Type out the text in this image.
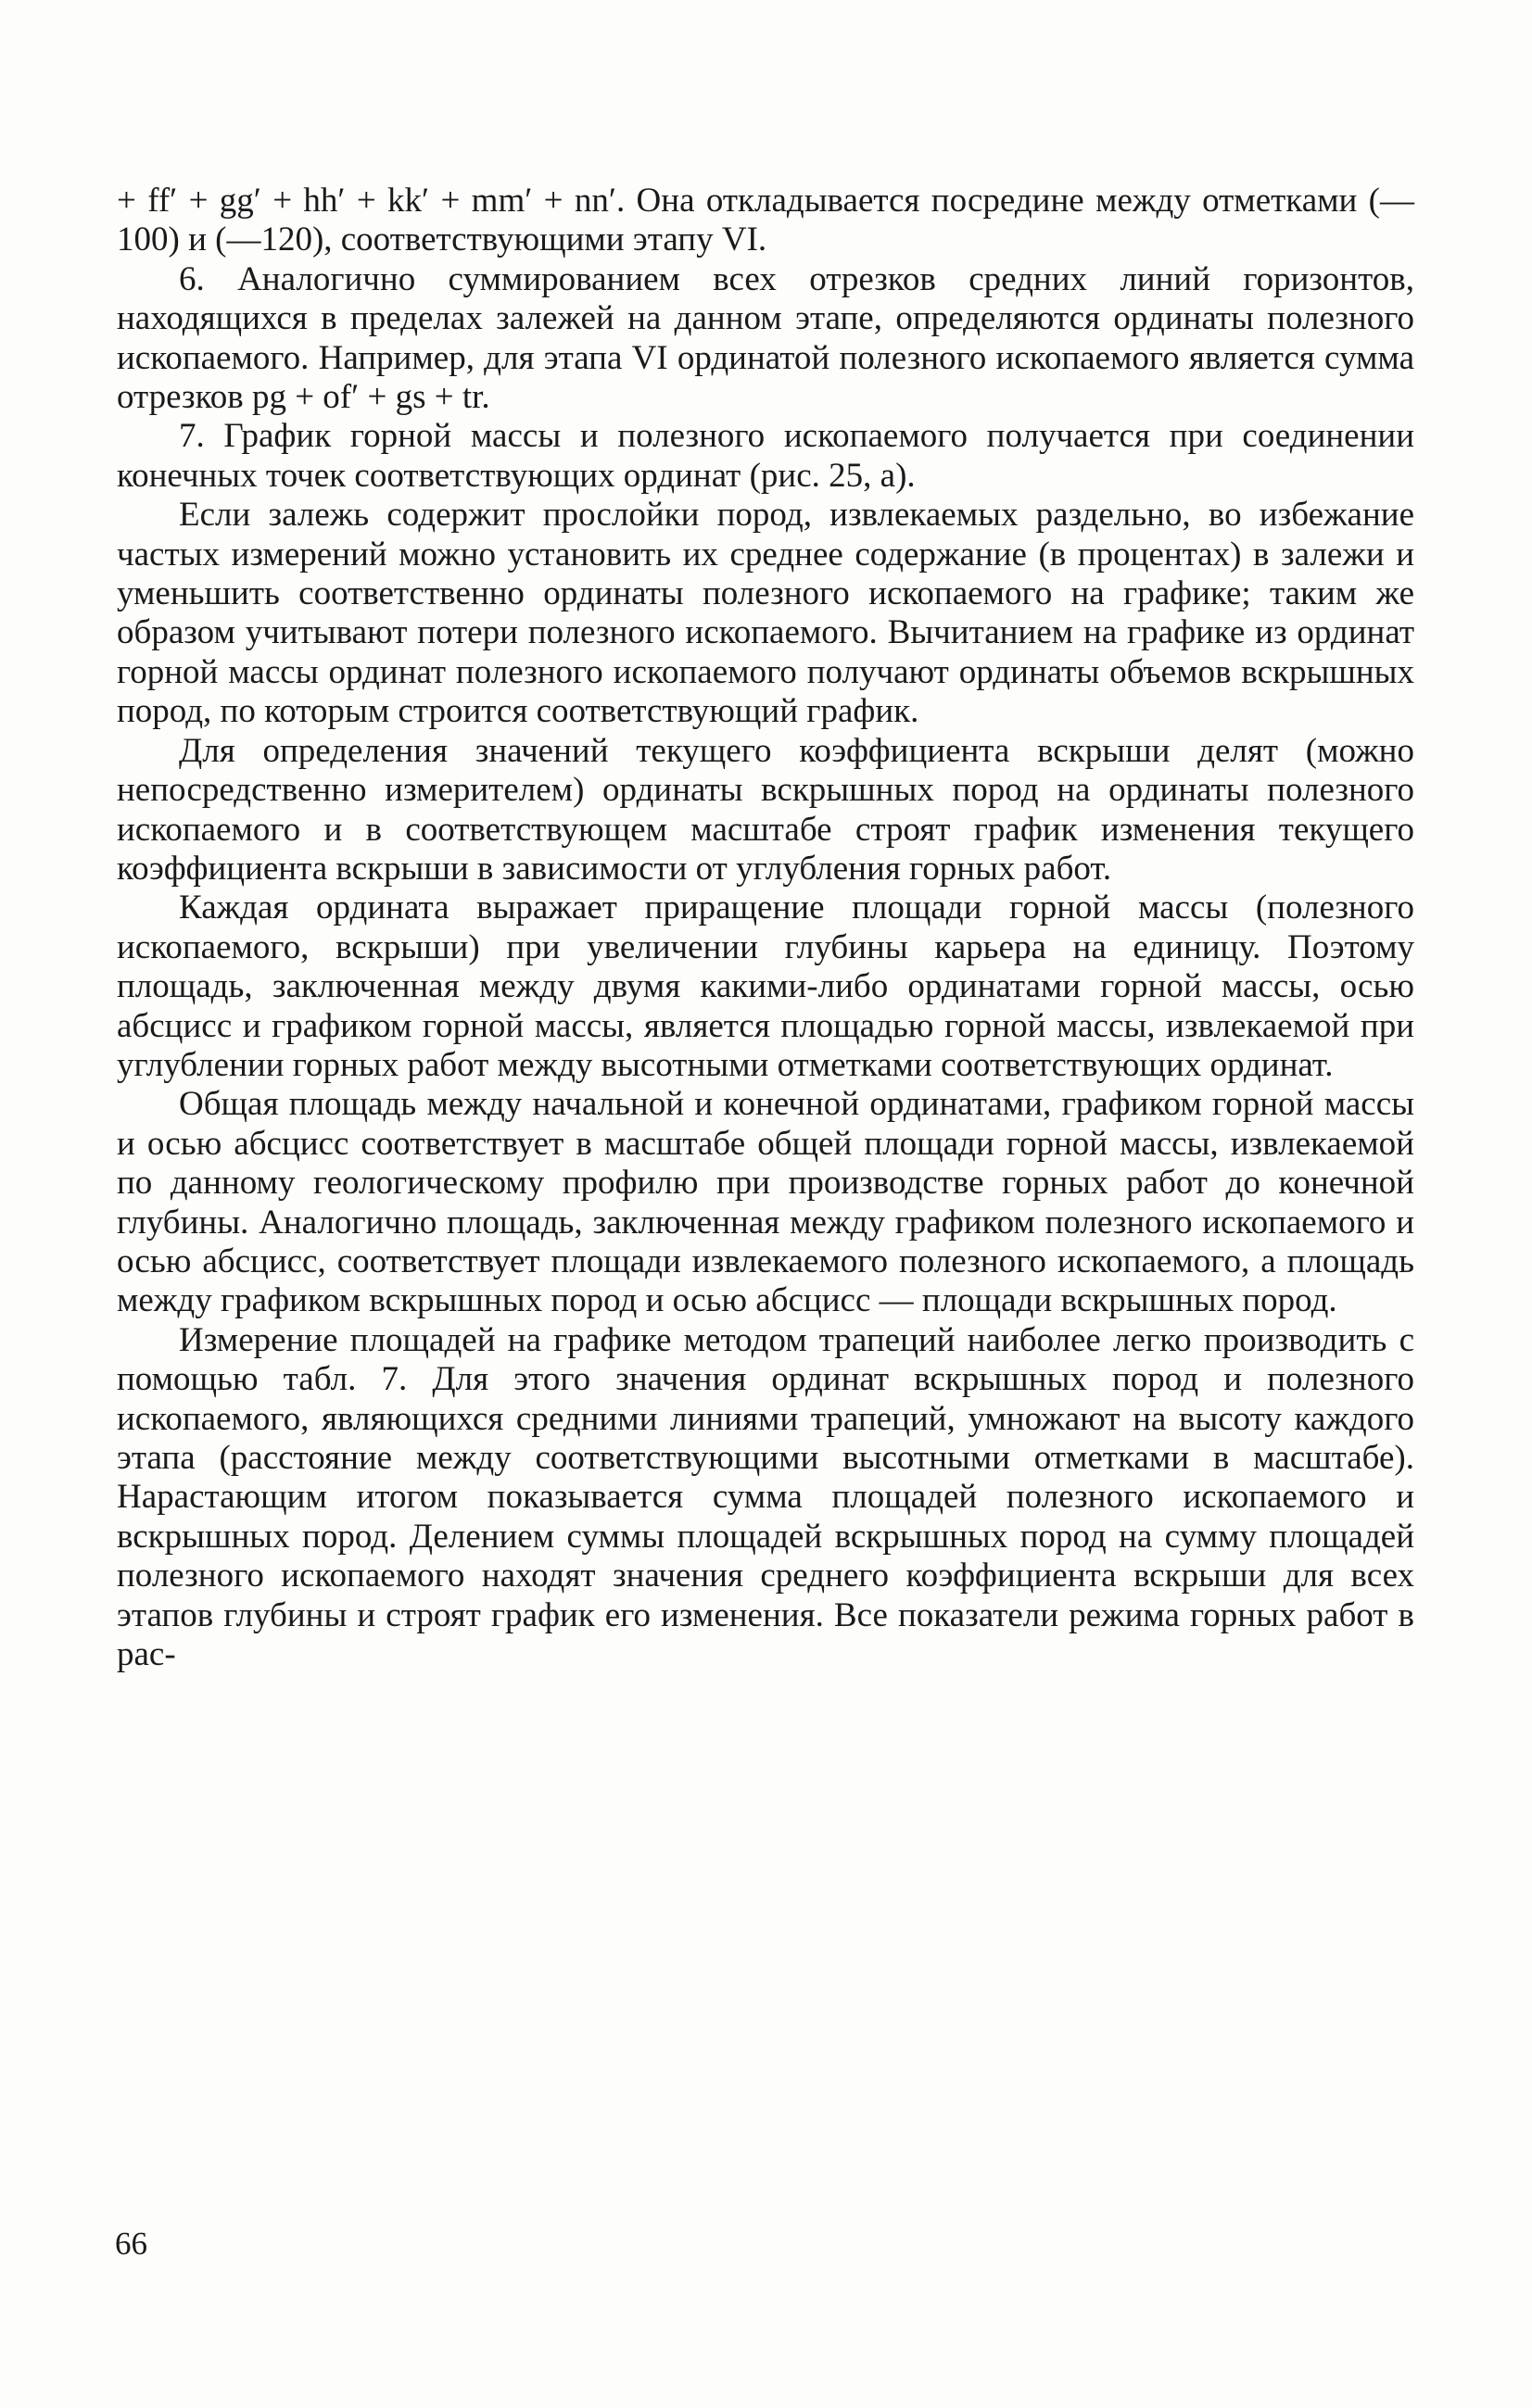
+ ff′ + gg′ + hh′ + kk′ + mm′ + nn′. Она откладывается посредине между отметками (—100) и (—120), соответствующими этапу VI.

6. Аналогично суммированием всех отрезков средних линий горизонтов, находящихся в пределах залежей на данном этапе, определяются ординаты полезного ископаемого. Например, для этапа VI ординатой полезного ископаемого является сумма отрезков pg + of′ + gs + tr.

7. График горной массы и полезного ископаемого получается при соединении конечных точек соответствующих ординат (рис. 25, а).

Если залежь содержит прослойки пород, извлекаемых раздельно, во избежание частых измерений можно установить их среднее содержание (в процентах) в залежи и уменьшить соответственно ординаты полезного ископаемого на графике; таким же образом учитывают потери полезного ископаемого. Вычитанием на графике из ординат горной массы ординат полезного ископаемого получают ординаты объемов вскрышных пород, по которым строится соответствующий график.

Для определения значений текущего коэффициента вскрыши делят (можно непосредственно измерителем) ординаты вскрышных пород на ординаты полезного ископаемого и в соответствующем масштабе строят график изменения текущего коэффициента вскрыши в зависимости от углубления горных работ.

Каждая ордината выражает приращение площади горной массы (полезного ископаемого, вскрыши) при увеличении глубины карьера на единицу. Поэтому площадь, заключенная между двумя какими-либо ординатами горной массы, осью абсцисс и графиком горной массы, является площадью горной массы, извлекаемой при углублении горных работ между высотными отметками соответствующих ординат.

Общая площадь между начальной и конечной ординатами, графиком горной массы и осью абсцисс соответствует в масштабе общей площади горной массы, извлекаемой по данному геологическому профилю при производстве горных работ до конечной глубины. Аналогично площадь, заключенная между графиком полезного ископаемого и осью абсцисс, соответствует площади извлекаемого полезного ископаемого, а площадь между графиком вскрышных пород и осью абсцисс — площади вскрышных пород.

Измерение площадей на графике методом трапеций наиболее легко производить с помощью табл. 7. Для этого значения ординат вскрышных пород и полезного ископаемого, являющихся средними линиями трапеций, умножают на высоту каждого этапа (расстояние между соответствующими высотными отметками в масштабе). Нарастающим итогом показывается сумма площадей полезного ископаемого и вскрышных пород. Делением суммы площадей вскрышных пород на сумму площадей полезного ископаемого находят значения среднего коэффициента вскрыши для всех этапов глубины и строят график его изменения. Все показатели режима горных работ в рас-

66
